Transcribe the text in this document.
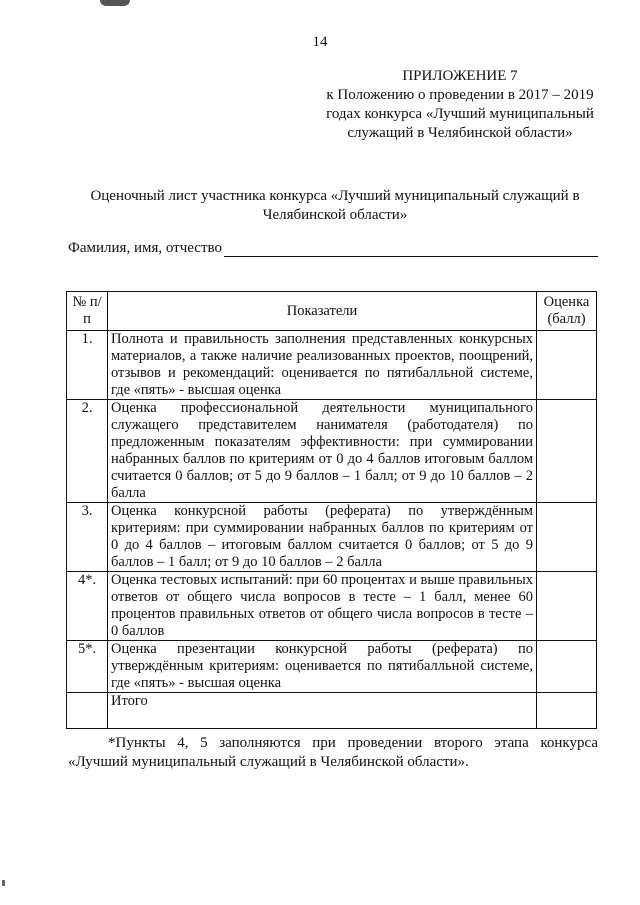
14
ПРИЛОЖЕНИЕ 7
к Положению о проведении в 2017 – 2019 годах конкурса «Лучший муниципальный служащий в Челябинской области»
Оценочный лист участника конкурса «Лучший муниципальный служащий в Челябинской области»
Фамилия, имя, отчество
№ п/п	Показатели	Оценка (балл)
1.	Полнота и правильность заполнения представленных конкурсных материалов, а также наличие реализованных проектов, поощрений, отзывов и рекомендаций: оценивается по пятибалльной системе, где «пять» - высшая оценка	
2.	Оценка профессиональной деятельности муниципального служащего представителем нанимателя (работодателя) по предложенным показателям эффективности: при суммировании набранных баллов по критериям от 0 до 4 баллов итоговым баллом считается 0 баллов; от 5 до 9 баллов – 1 балл; от 9 до 10 баллов – 2 балла	
3.	Оценка конкурсной работы (реферата) по утверждённым критериям: при суммировании набранных баллов по критериям от 0 до 4 баллов – итоговым баллом считается 0 баллов; от 5 до 9 баллов – 1 балл; от 9 до 10 баллов – 2 балла	
4*.	Оценка тестовых испытаний: при 60 процентах и выше правильных ответов от общего числа вопросов в тесте – 1 балл, менее 60 процентов правильных ответов от общего числа вопросов в тесте – 0 баллов	
5*.	Оценка презентации конкурсной работы (реферата) по утверждённым критериям: оценивается по пятибалльной системе, где «пять» - высшая оценка	
	Итого	
*Пункты 4, 5 заполняются при проведении второго этапа конкурса «Лучший муниципальный служащий в Челябинской области».
